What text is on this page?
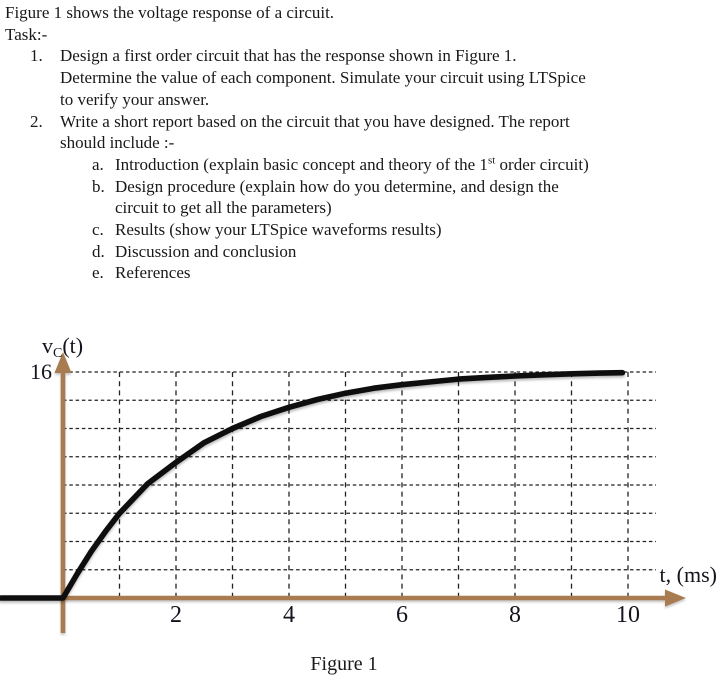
Figure 1 shows the voltage response of a circuit.

Task:-

1.	Design a first order circuit that has the response shown in Figure 1.
Determine the value of each component. Simulate your circuit using LTSpice
to verify your answer.
2.	Write a short report based on the circuit that you have designed. The report
should include :-
a. Introduction (explain basic concept and theory of the 1st order circuit)
b. Design procedure (explain how do you determine, and design the
circuit to get all the parameters)
c. Results (show your LTSpice waveforms results)
d. Discussion and conclusion
e. References
2	4	6	8	10
16
vC(t)
t, (ms)
Figure 1
